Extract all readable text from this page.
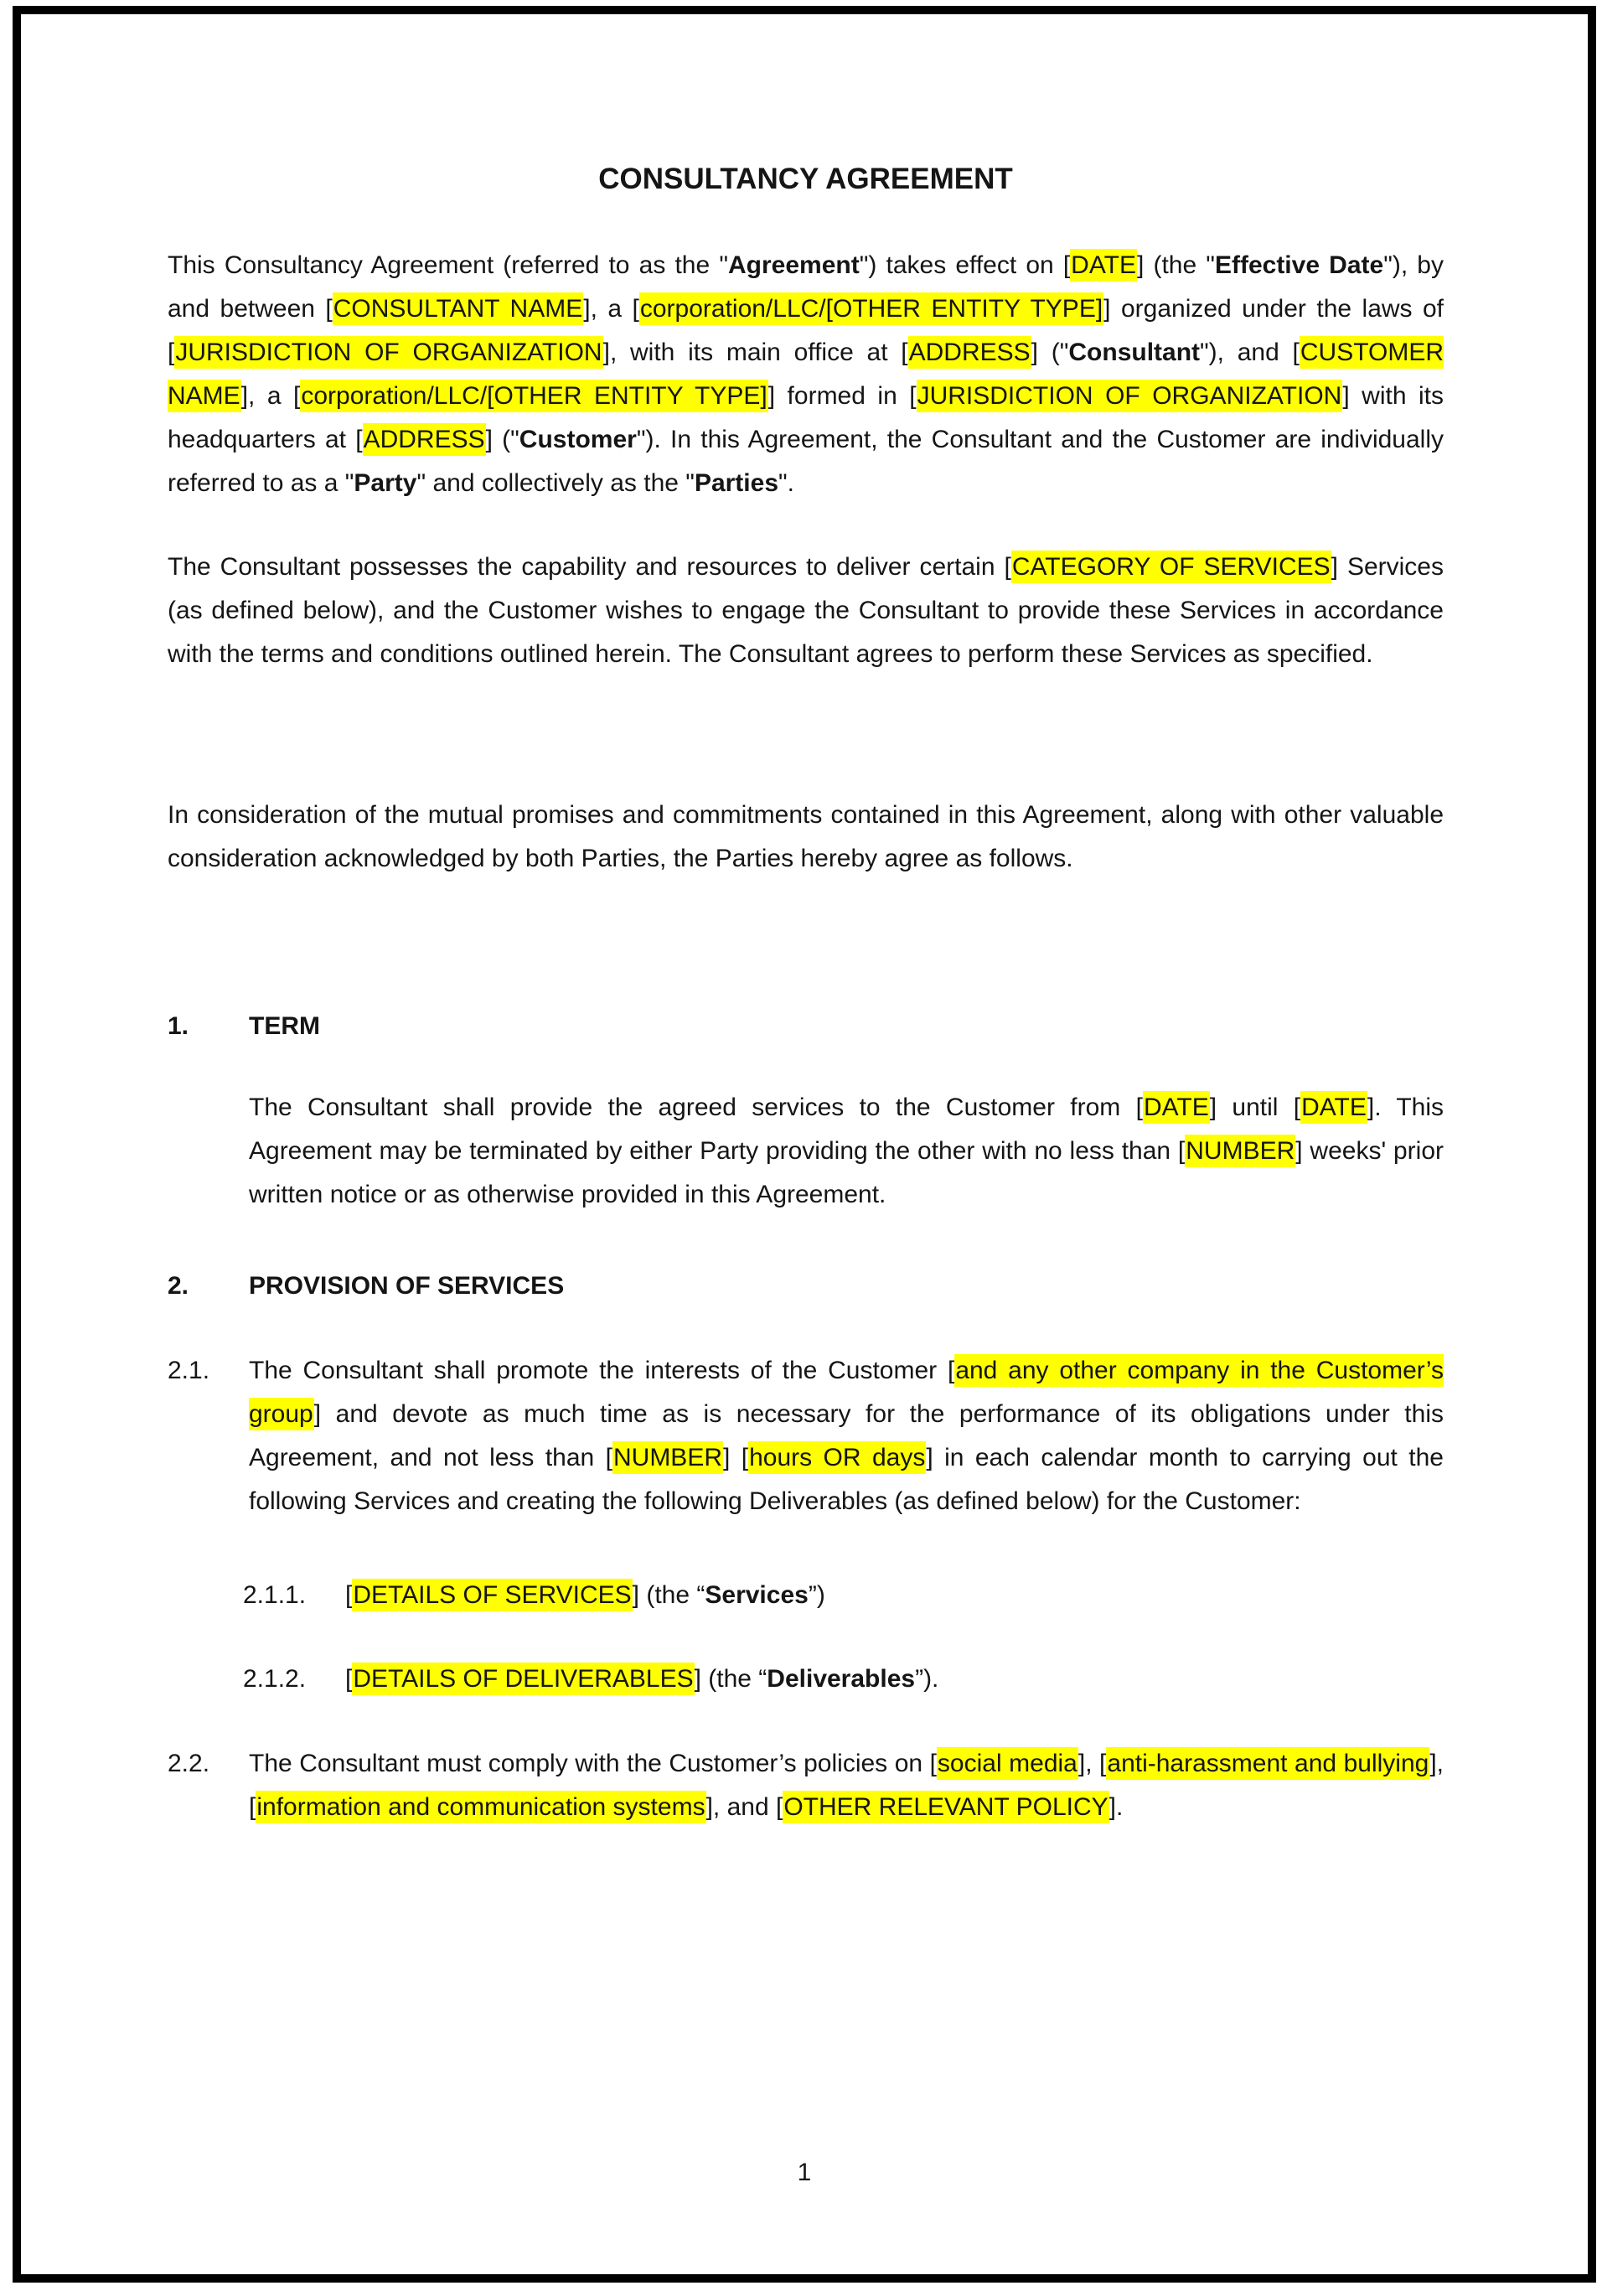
CONSULTANCY AGREEMENT
This Consultancy Agreement (referred to as the "Agreement") takes effect on [DATE] (the "Effective Date"), by and between [CONSULTANT NAME], a [corporation/LLC/[OTHER ENTITY TYPE]] organized under the laws of [JURISDICTION OF ORGANIZATION], with its main office at [ADDRESS] ("Consultant"), and [CUSTOMER NAME], a [corporation/LLC/[OTHER ENTITY TYPE]] formed in [JURISDICTION OF ORGANIZATION] with its headquarters at [ADDRESS] ("Customer"). In this Agreement, the Consultant and the Customer are individually referred to as a "Party" and collectively as the "Parties".
The Consultant possesses the capability and resources to deliver certain [CATEGORY OF SERVICES] Services (as defined below), and the Customer wishes to engage the Consultant to provide these Services in accordance with the terms and conditions outlined herein. The Consultant agrees to perform these Services as specified.
In consideration of the mutual promises and commitments contained in this Agreement, along with other valuable consideration acknowledged by both Parties, the Parties hereby agree as follows.
1.	TERM
The Consultant shall provide the agreed services to the Customer from [DATE] until [DATE]. This Agreement may be terminated by either Party providing the other with no less than [NUMBER] weeks' prior written notice or as otherwise provided in this Agreement.
2.	PROVISION OF SERVICES
2.1.	The Consultant shall promote the interests of the Customer [and any other company in the Customer’s group] and devote as much time as is necessary for the performance of its obligations under this Agreement, and not less than [NUMBER] [hours OR days] in each calendar month to carrying out the following Services and creating the following Deliverables (as defined below) for the Customer:
2.1.1.	[DETAILS OF SERVICES] (the “Services”)
2.1.2.	[DETAILS OF DELIVERABLES] (the “Deliverables”).
2.2.	The Consultant must comply with the Customer’s policies on [social media], [anti-harassment and bullying], [information and communication systems], and [OTHER RELEVANT POLICY].
1
